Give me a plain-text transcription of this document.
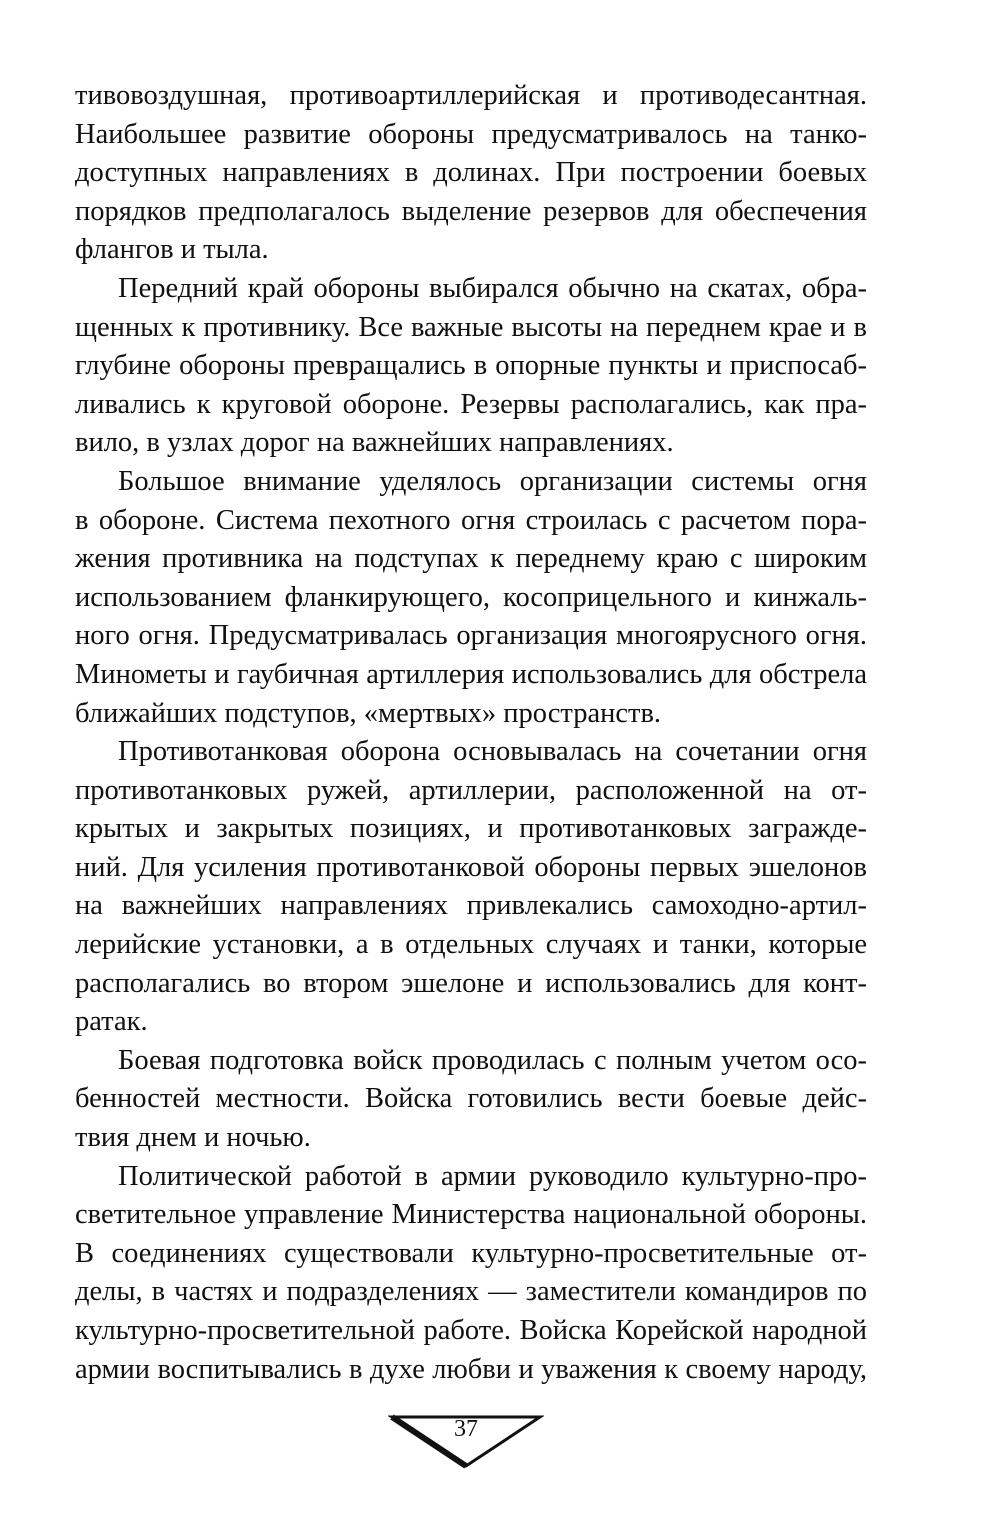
тивовоздушная, противоартиллерийская и противодесантная.
Наибольшее развитие обороны предусматривалось на танко-
доступных направлениях в долинах. При построении боевых
порядков предполагалось выделение резервов для обеспечения
флангов и тыла.
Передний край обороны выбирался обычно на скатах, обра-
щенных к противнику. Все важные высоты на переднем крае и в
глубине обороны превращались в опорные пункты и приспосаб-
ливались к круговой обороне. Резервы располагались, как пра-
вило, в узлах дорог на важнейших направлениях.
Большое внимание уделялось организации системы огня
в обороне. Система пехотного огня строилась с расчетом пора-
жения противника на подступах к переднему краю с широким
использованием фланкирующего, косоприцельного и кинжаль-
ного огня. Предусматривалась организация многоярусного огня.
Минометы и гаубичная артиллерия использовались для обстрела
ближайших подступов, «мертвых» пространств.
Противотанковая оборона основывалась на сочетании огня
противотанковых ружей, артиллерии, расположенной на от-
крытых и закрытых позициях, и противотанковых загражде-
ний. Для усиления противотанковой обороны первых эшелонов
на важнейших направлениях привлекались самоходно-артил-
лерийские установки, а в отдельных случаях и танки, которые
располагались во втором эшелоне и использовались для конт-
ратак.
Боевая подготовка войск проводилась с полным учетом осо-
бенностей местности. Войска готовились вести боевые дейс-
твия днем и ночью.
Политической работой в армии руководило культурно-про-
светительное управление Министерства национальной обороны.
В соединениях существовали культурно-просветительные от-
делы, в частях и подразделениях — заместители командиров по
культурно-просветительной работе. Войска Корейской народной
армии воспитывались в духе любви и уважения к своему народу,
37
